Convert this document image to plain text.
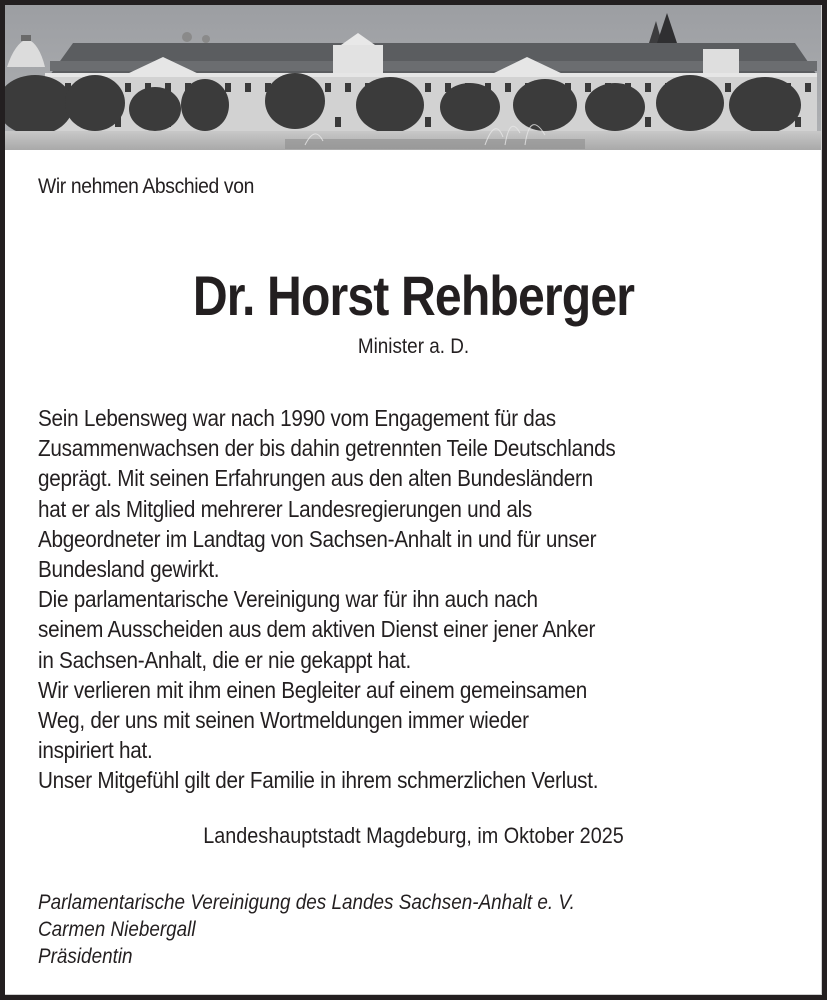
Wir nehmen Abschied von
Dr. Horst Rehberger
Minister a. D.
Sein Lebensweg war nach 1990 vom Engagement für das
Zusammenwachsen der bis dahin getrennten Teile Deutschlands
geprägt. Mit seinen Erfahrungen aus den alten Bundesländern
hat er als Mitglied mehrerer Landesregierungen und als
Abgeordneter im Landtag von Sachsen-Anhalt in und für unser
Bundesland gewirkt.
Die parlamentarische Vereinigung war für ihn auch nach
seinem Ausscheiden aus dem aktiven Dienst einer jener Anker
in Sachsen-Anhalt, die er nie gekappt hat.
Wir verlieren mit ihm einen Begleiter auf einem gemeinsamen
Weg, der uns mit seinen Wortmeldungen immer wieder
inspiriert hat.
Unser Mitgefühl gilt der Familie in ihrem schmerzlichen Verlust.
Landeshauptstadt Magdeburg, im Oktober 2025
Parlamentarische Vereinigung des Landes Sachsen-Anhalt e. V.
Carmen Niebergall
Präsidentin
